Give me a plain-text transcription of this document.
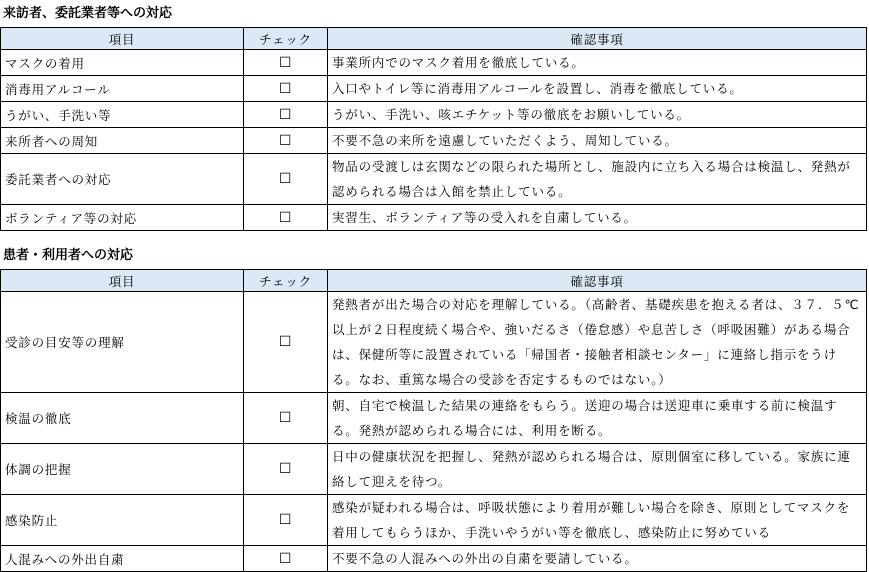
来訪者、委託業者等への対応
項目	チェック	確認事項
マスクの着用	☐	事業所内でのマスク着用を徹底している。
消毒用アルコール	☐	入口やトイレ等に消毒用アルコールを設置し、消毒を徹底している。
うがい、手洗い等	☐	うがい、手洗い、咳エチケット等の徹底をお願いしている。
来所者への周知	☐	不要不急の来所を遠慮していただくよう、周知している。
委託業者への対応	☐	物品の受渡しは玄関などの限られた場所とし、施設内に立ち入る場合は検温し、発熱が認められる場合は入館を禁止している。
ボランティア等の対応	☐	実習生、ボランティア等の受入れを自粛している。
患者・利用者への対応
項目	チェック	確認事項
受診の目安等の理解	☐	発熱者が出た場合の対応を理解している。（高齢者、基礎疾患を抱える者は、３７．５℃以上が２日程度続く場合や、強いだるさ（倦怠感）や息苦しさ（呼吸困難）がある場合は、保健所等に設置されている「帰国者・接触者相談センター」に連絡し指示をうける。なお、重篤な場合の受診を否定するものではない。）
検温の徹底	☐	朝、自宅で検温した結果の連絡をもらう。送迎の場合は送迎車に乗車する前に検温する。発熱が認められる場合には、利用を断る。
体調の把握	☐	日中の健康状況を把握し、発熱が認められる場合は、原則個室に移している。家族に連絡して迎えを待つ。
感染防止	☐	感染が疑われる場合は、呼吸状態により着用が難しい場合を除き、原則としてマスクを着用してもらうほか、手洗いやうがい等を徹底し、感染防止に努めている
人混みへの外出自粛	☐	不要不急の人混みへの外出の自粛を要請している。
